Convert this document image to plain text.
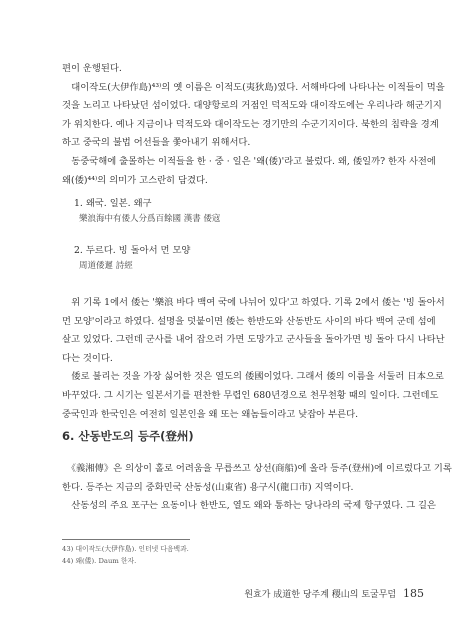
편이 운행된다.
　대이작도(大伊作島)⁴³⁾의 옛 이름은 이적도(夷狄島)였다. 서해바다에 나타나는 이적들이 먹을
것을 노리고 나타났던 섬이었다. 대양항로의 거점인 덕적도와 대이작도에는 우리나라 해군기지
가 위치한다. 예나 지금이나 덕적도와 대이작도는 경기만의 수군기지이다. 북한의 침략을 경계
하고 중국의 불법 어선들을 쫓아내기 위해서다.
　동중국해에 출몰하는 이적들을 한 · 중 · 일은 '왜(倭)'라고 불렀다. 왜, 倭일까? 한자 사전에
왜(倭)⁴⁴⁾의 의미가 고스란히 담겼다.
1. 왜국. 일본. 왜구
樂浪海中有倭人分爲百餘國 漢書 倭寇
2. 두르다. 빙 돌아서 먼 모양
周道倭遲 詩經
　위 기록 1에서 倭는 '樂浪 바다 백여 국에 나뉘어 있다'고 하였다. 기록 2에서 倭는 '빙 돌아서
먼 모양'이라고 하였다. 설명을 덧붙이면 倭는 한반도와 산동반도 사이의 바다 백여 군데 섬에
살고 있었다. 그런데 군사를 내어 잡으러 가면 도망가고 군사들을 돌아가면 빙 돌아 다시 나타난
다는 것이다.
　倭로 불리는 것을 가장 싫어한 것은 열도의 倭國이었다. 그래서 倭의 이름을 서둘러 日本으로
바꾸었다. 그 시기는 일본서기를 편찬한 무렵인 680년경으로 천무천황 때의 일이다. 그런데도
중국인과 한국인은 여전히 일본인을 왜 또는 왜놈들이라고 낮잡아 부른다.
6. 산동반도의 등주(登州)
　《義湘傳》은 의상이 홀로 어려움을 무릅쓰고 상선(商船)에 올라 등주(登州)에 이르렀다고 기록
한다. 등주는 지금의 중화민국 산동성(山東省) 용구시(龍口市) 지역이다.
　산동성의 주요 포구는 요동이나 한반도, 열도 왜와 통하는 당나라의 국제 항구였다. 그 길은
43) 대이작도(大伊作島). 인터넷 다음백과.
44) 왜(倭). Daum 한자.
원효가 成道한 당주계 稷山의 토굴무덤 185
